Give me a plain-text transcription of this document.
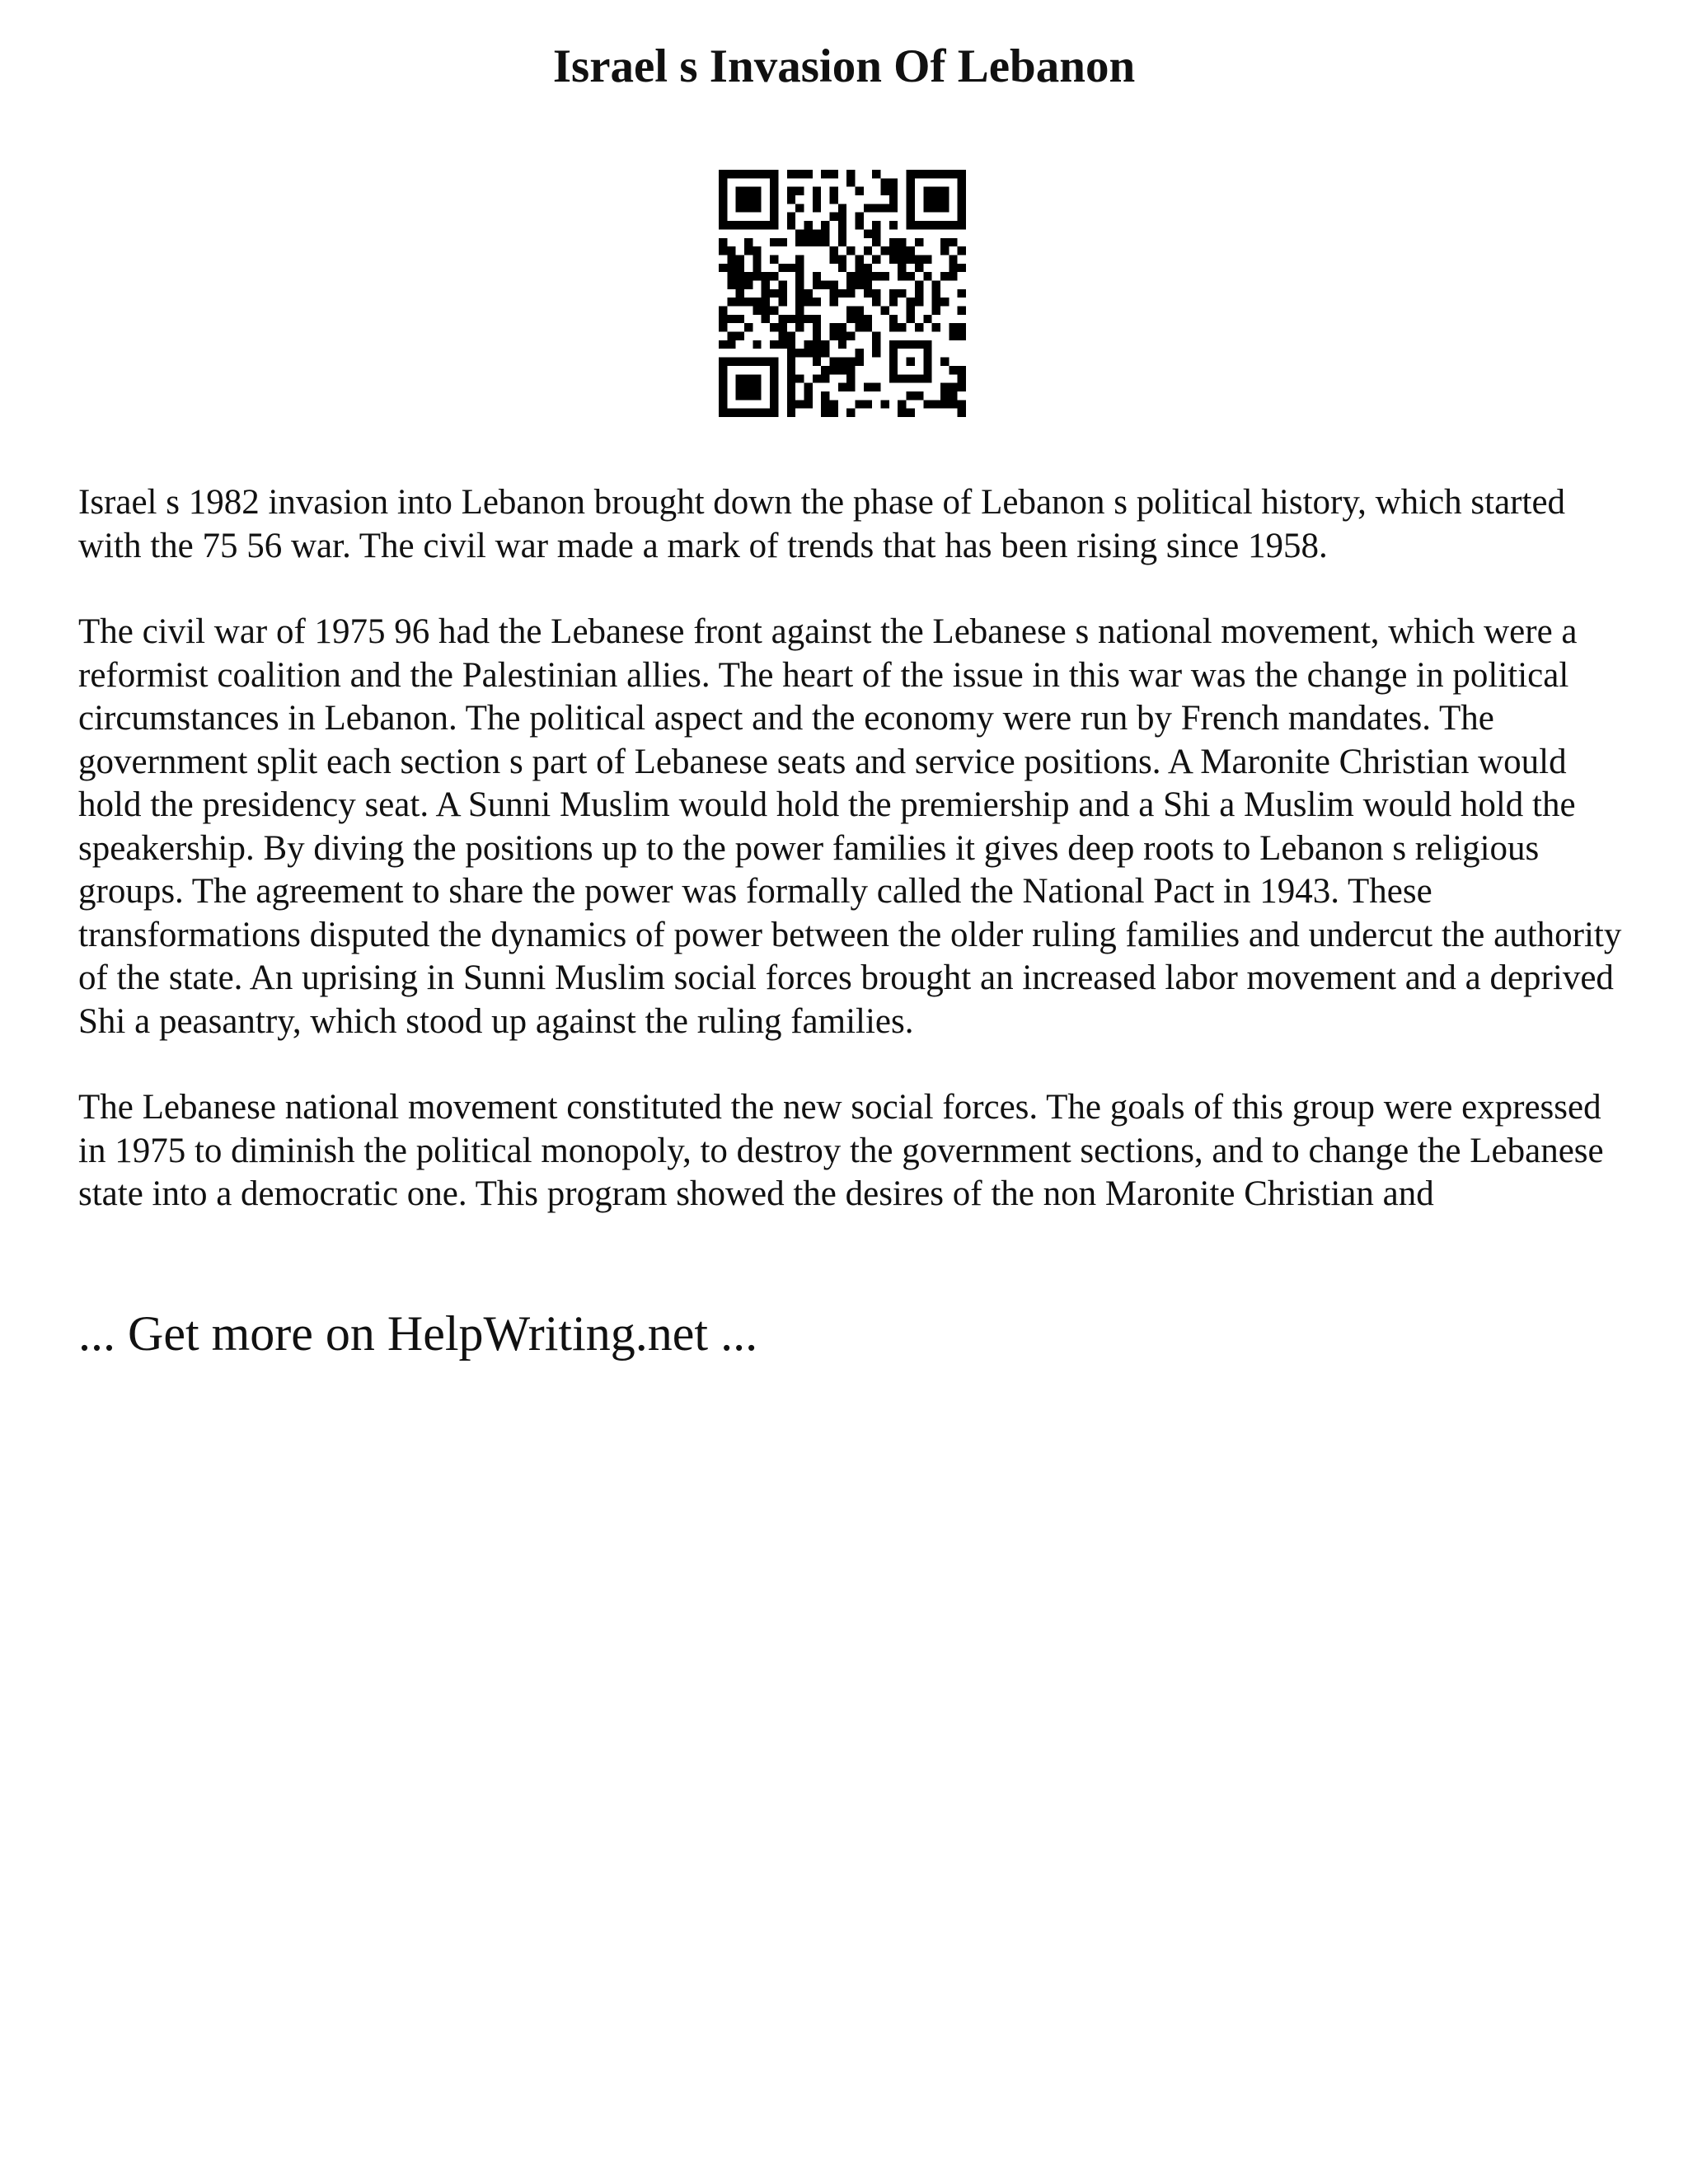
Israel s Invasion Of Lebanon

Israel s 1982 invasion into Lebanon brought down the phase of Lebanon s political history, which started with the 75 56 war. The civil war made a mark of trends that has been rising since 1958.

The civil war of 1975 96 had the Lebanese front against the Lebanese s national movement, which were a reformist coalition and the Palestinian allies. The heart of the issue in this war was the change in political circumstances in Lebanon. The political aspect and the economy were run by French mandates. The government split each section s part of Lebanese seats and service positions. A Maronite Christian would hold the presidency seat. A Sunni Muslim would hold the premiership and a Shi a Muslim would hold the speakership. By diving the positions up to the power families it gives deep roots to Lebanon s religious groups. The agreement to share the power was formally called the National Pact in 1943. These transformations disputed the dynamics of power between the older ruling families and undercut the authority of the state. An uprising in Sunni Muslim social forces brought an increased labor movement and a deprived Shi a peasantry, which stood up against the ruling families.

The Lebanese national movement constituted the new social forces. The goals of this group were expressed in 1975 to diminish the political monopoly, to destroy the government sections, and to change the Lebanese state into a democratic one. This program showed the desires of the non Maronite Christian and

... Get more on HelpWriting.net ...
